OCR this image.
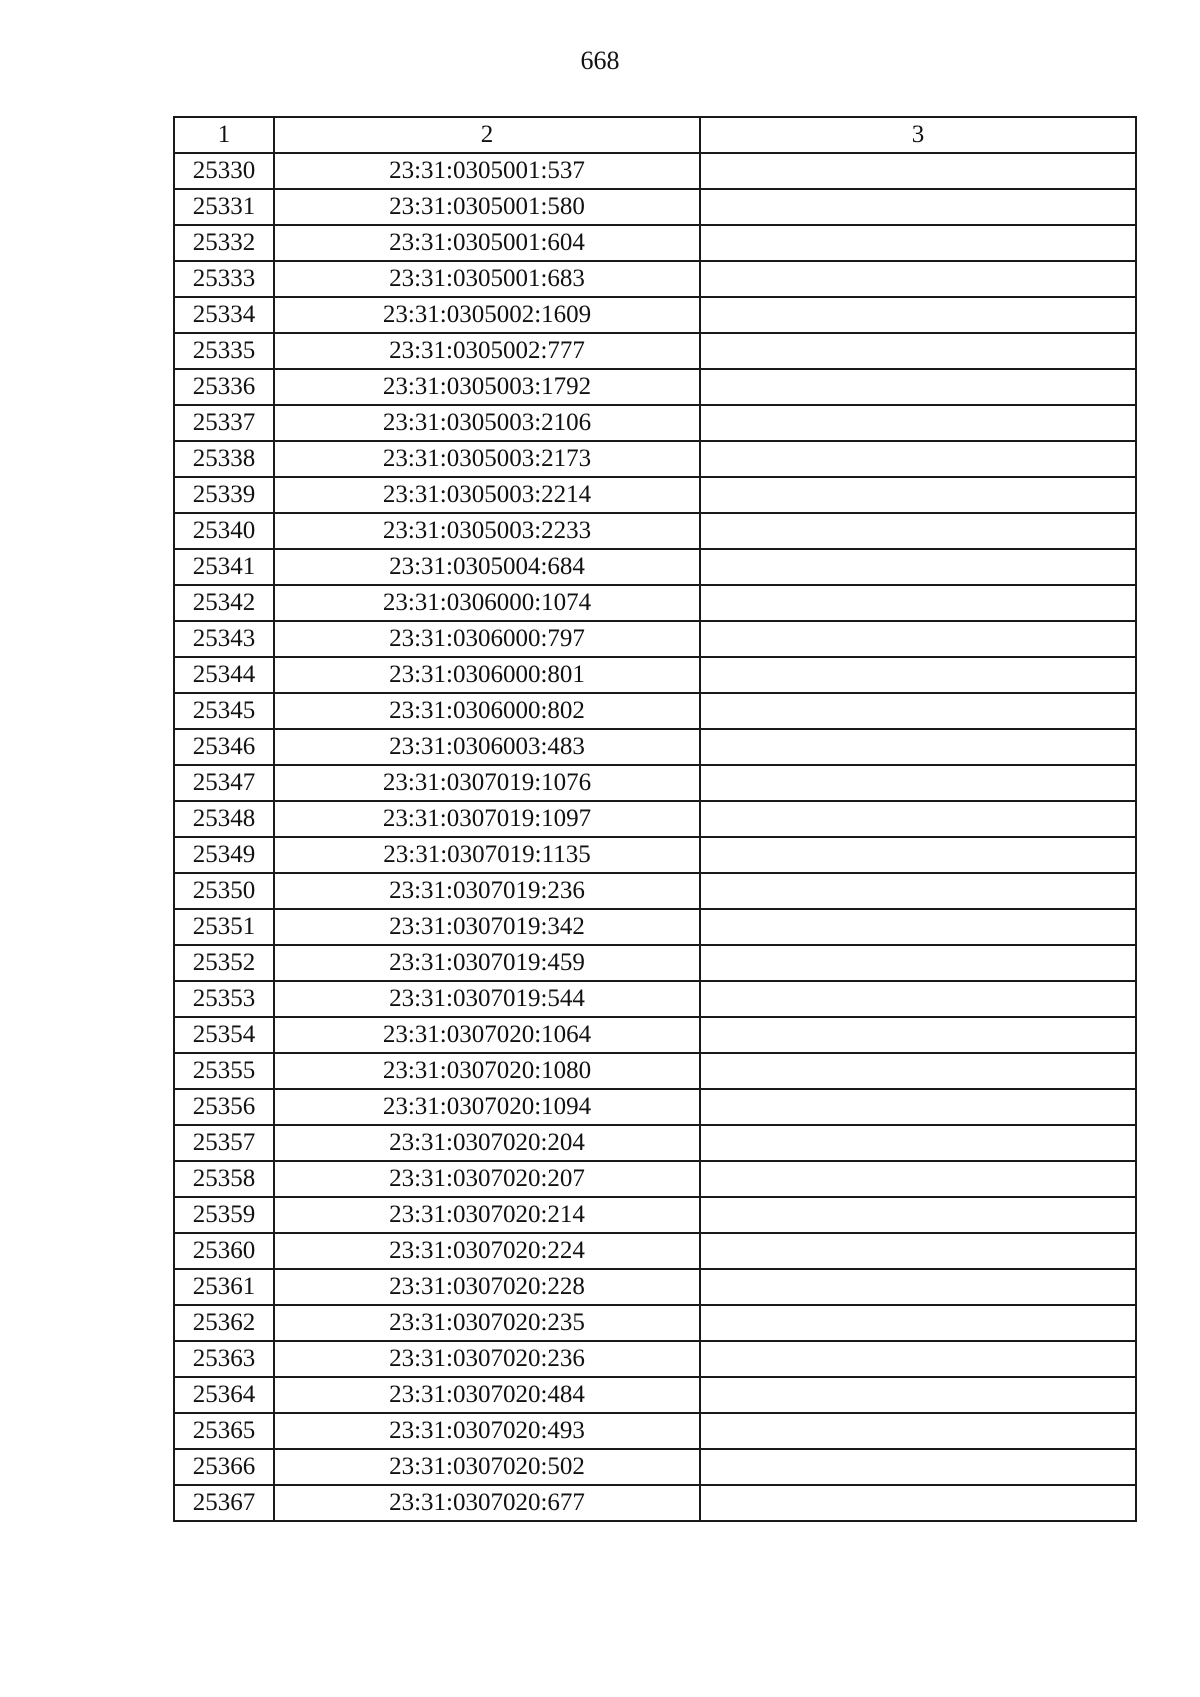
668
1	2	3
25330	23:31:0305001:537	
25331	23:31:0305001:580	
25332	23:31:0305001:604	
25333	23:31:0305001:683	
25334	23:31:0305002:1609	
25335	23:31:0305002:777	
25336	23:31:0305003:1792	
25337	23:31:0305003:2106	
25338	23:31:0305003:2173	
25339	23:31:0305003:2214	
25340	23:31:0305003:2233	
25341	23:31:0305004:684	
25342	23:31:0306000:1074	
25343	23:31:0306000:797	
25344	23:31:0306000:801	
25345	23:31:0306000:802	
25346	23:31:0306003:483	
25347	23:31:0307019:1076	
25348	23:31:0307019:1097	
25349	23:31:0307019:1135	
25350	23:31:0307019:236	
25351	23:31:0307019:342	
25352	23:31:0307019:459	
25353	23:31:0307019:544	
25354	23:31:0307020:1064	
25355	23:31:0307020:1080	
25356	23:31:0307020:1094	
25357	23:31:0307020:204	
25358	23:31:0307020:207	
25359	23:31:0307020:214	
25360	23:31:0307020:224	
25361	23:31:0307020:228	
25362	23:31:0307020:235	
25363	23:31:0307020:236	
25364	23:31:0307020:484	
25365	23:31:0307020:493	
25366	23:31:0307020:502	
25367	23:31:0307020:677	
